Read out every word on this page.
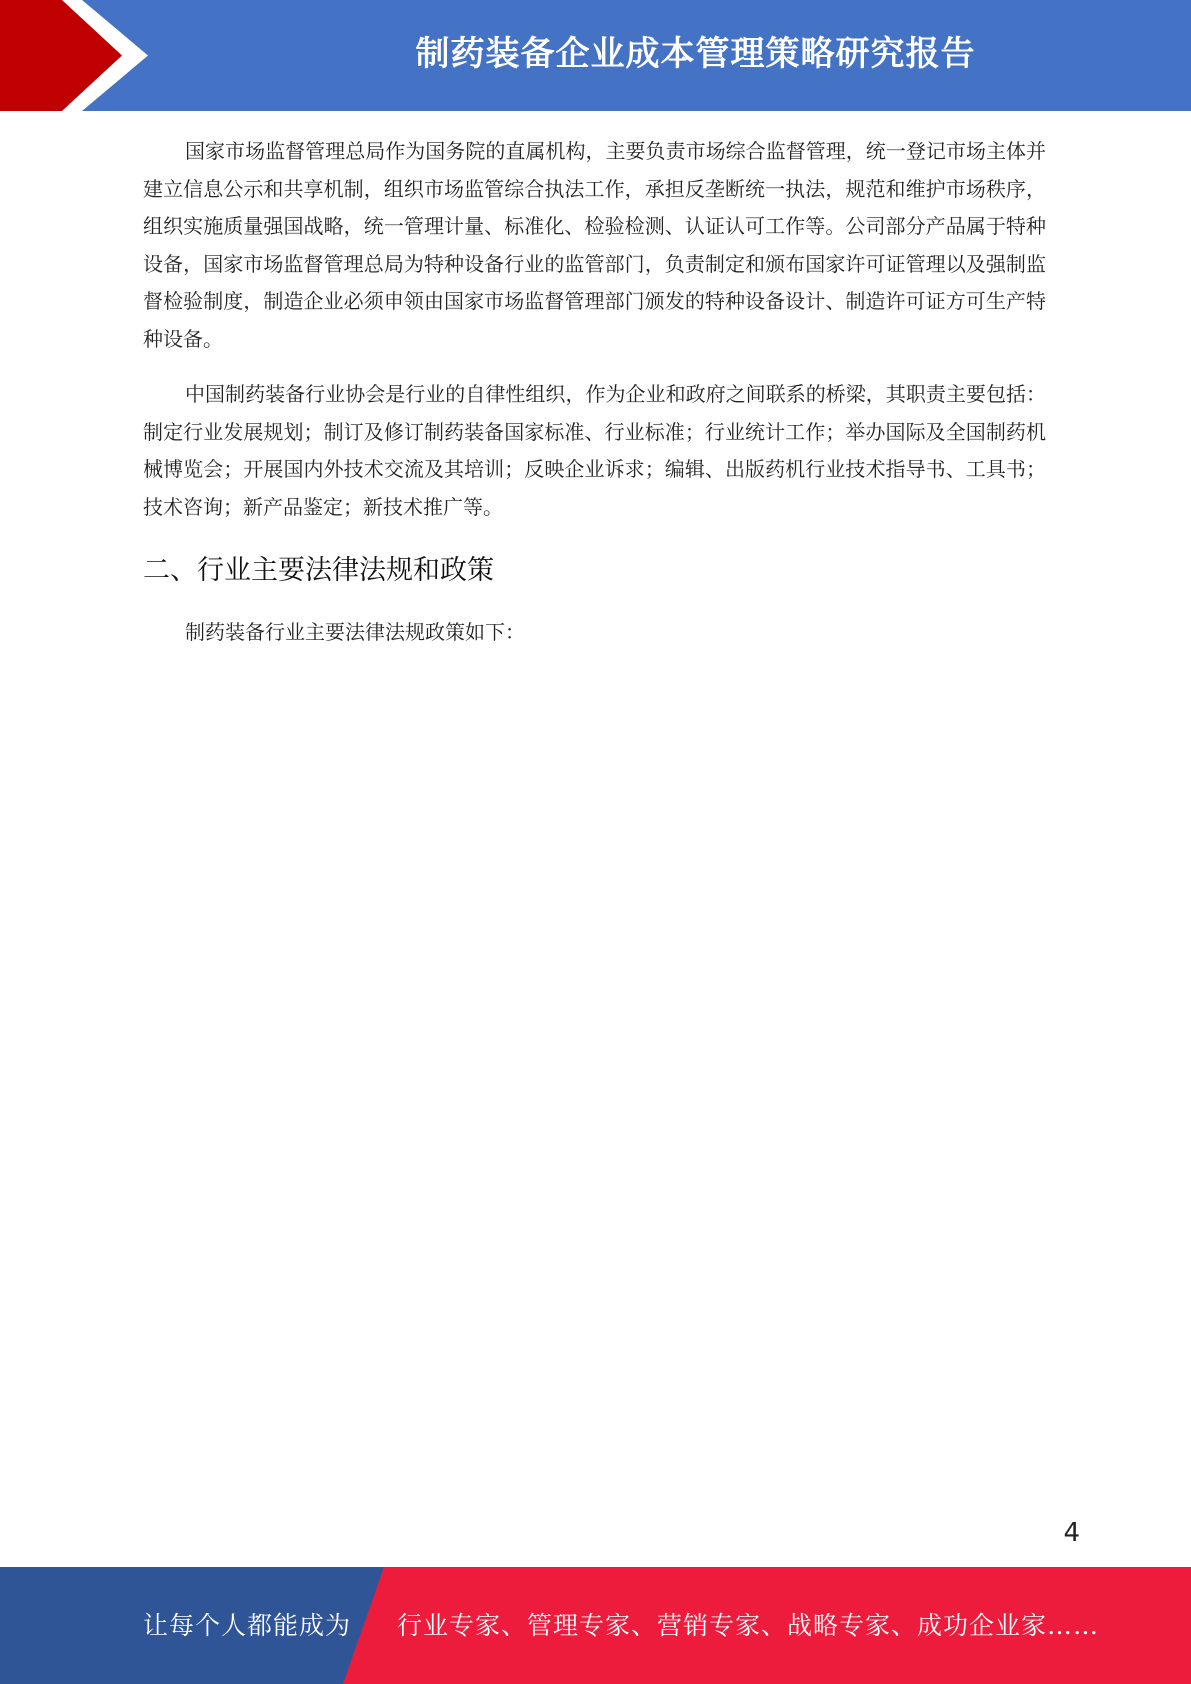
制药装备企业成本管理策略研究报告

国家市场监督管理总局作为国务院的直属机构，主要负责市场综合监督管理，统一登记市场主体并建立信息公示和共享机制，组织市场监管综合执法工作，承担反垄断统一执法，规范和维护市场秩序，组织实施质量强国战略，统一管理计量、标准化、检验检测、认证认可工作等。公司部分产品属于特种设备，国家市场监督管理总局为特种设备行业的监管部门，负责制定和颁布国家许可证管理以及强制监督检验制度，制造企业必须申领由国家市场监督管理部门颁发的特种设备设计、制造许可证方可生产特种设备。

中国制药装备行业协会是行业的自律性组织，作为企业和政府之间联系的桥梁，其职责主要包括：制定行业发展规划；制订及修订制药装备国家标准、行业标准；行业统计工作；举办国际及全国制药机械博览会；开展国内外技术交流及其培训；反映企业诉求；编辑、出版药机行业技术指导书、工具书；技术咨询；新产品鉴定；新技术推广等。

二、行业主要法律法规和政策

制药装备行业主要法律法规政策如下：

4
让每个人都能成为 行业专家、管理专家、营销专家、战略专家、成功企业家……
